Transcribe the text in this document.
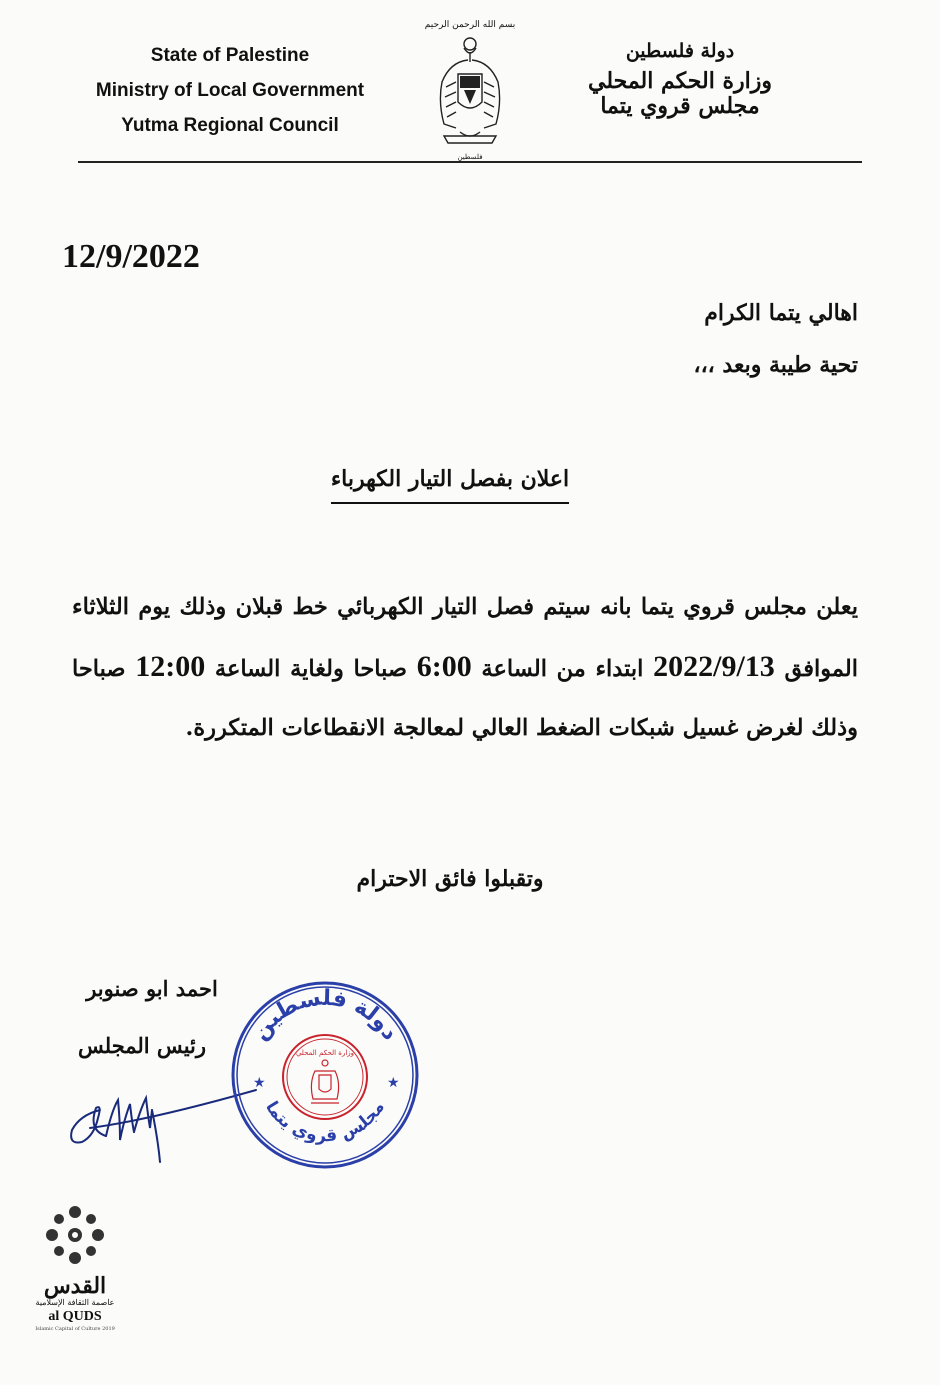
State of Palestine
Ministry of Local Government
Yutma Regional Council
بسم الله الرحمن الرحيم
فلسطين
دولة فلسطين
وزارة الحكم المحلي
مجلس قروي يتما
12/9/2022
اهالي يتما الكرام
تحية طيبة وبعد ،،،
اعلان بفصل التيار الكهرباء
يعلن مجلس قروي يتما بانه سيتم فصل التيار الكهربائي خط قبلان وذلك يوم الثلاثاء الموافق 2022/9/13 ابتداء من الساعة 6:00 صباحا ولغاية الساعة 12:00 صباحا وذلك لغرض غسيل شبكات الضغط العالي لمعالجة الانقطاعات المتكررة.
وتقبلوا فائق الاحترام
احمد ابو صنوبر
رئيس المجلس
دولة فلسطين
مجلس قروي يتما
★	★
وزارة الحكم المحلي
القدس
عاصمة الثقافة الإسلامية
al QUDS
Islamic Capital of Culture 2019
